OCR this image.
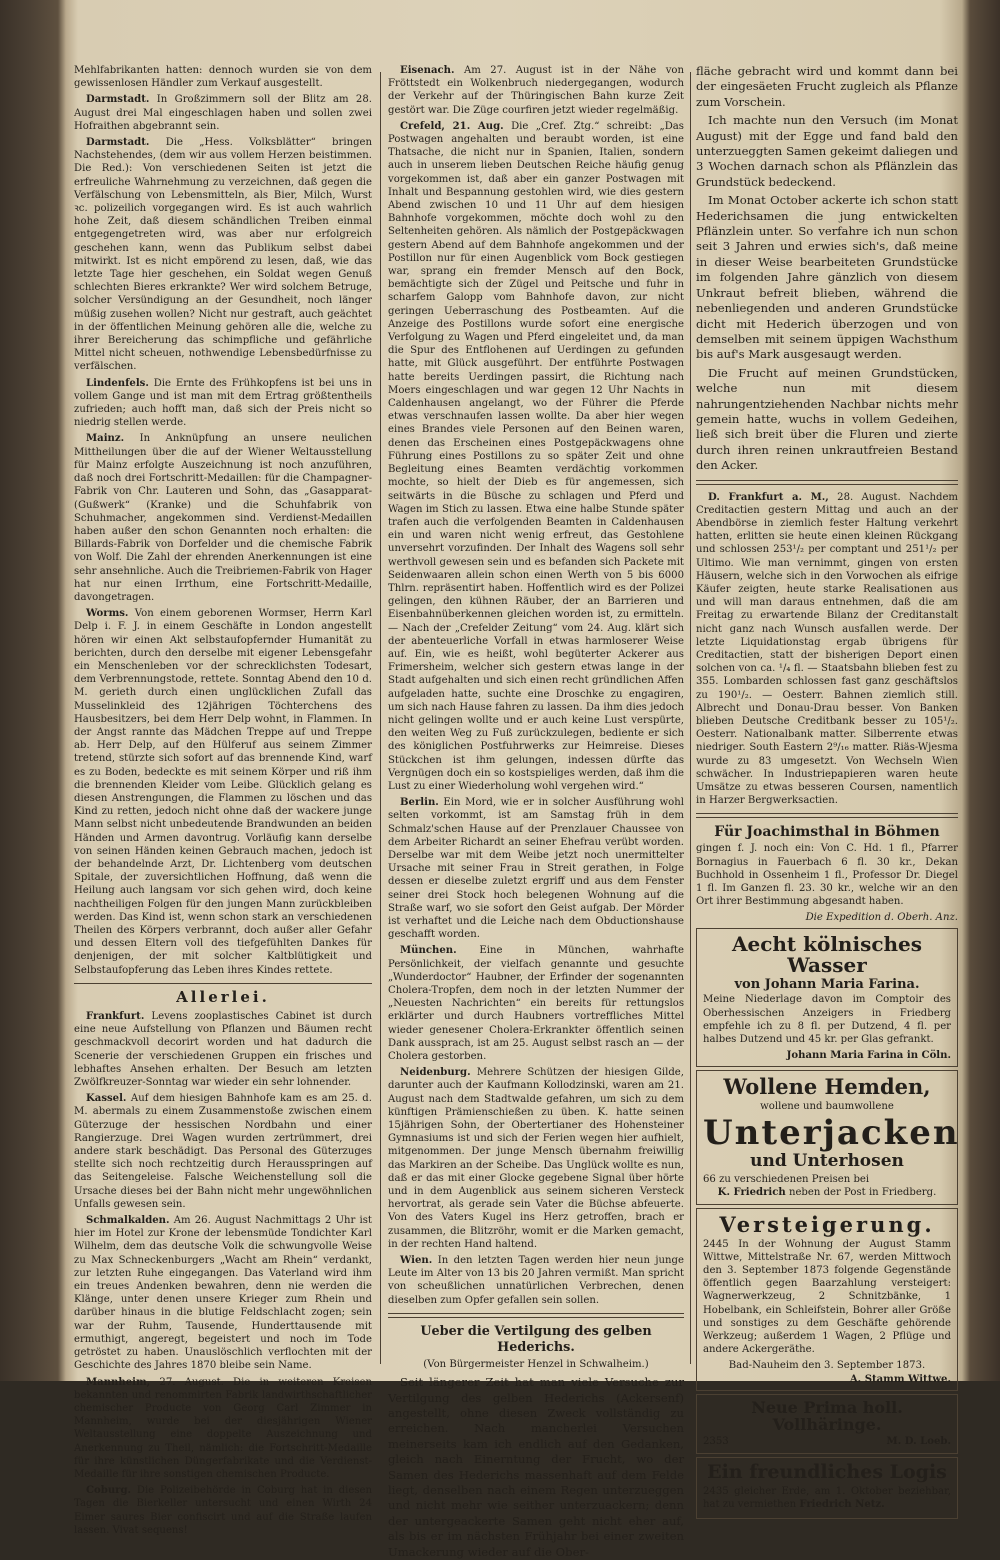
Mehlfabrikanten hatten: dennoch wurden sie von dem gewissenlosen Händler zum Verkauf ausgestellt.

Darmstadt. In Großzimmern soll der Blitz am 28. August drei Mal eingeschlagen haben und sollen zwei Hofraithen abgebrannt sein.

Darmstadt. Die „Hess. Volksblätter“ bringen Nachstehendes, (dem wir aus vollem Herzen beistimmen. Die Red.): Von verschiedenen Seiten ist jetzt die erfreuliche Wahrnehmung zu verzeichnen, daß gegen die Verfälschung von Lebensmitteln, als Bier, Milch, Wurst ꝛc. polizeilich vorgegangen wird. Es ist auch wahrlich hohe Zeit, daß diesem schändlichen Treiben einmal entgegengetreten wird, was aber nur erfolgreich geschehen kann, wenn das Publikum selbst dabei mitwirkt. Ist es nicht empörend zu lesen, daß, wie das letzte Tage hier geschehen, ein Soldat wegen Genuß schlechten Bieres erkrankte? Wer wird solchem Betruge, solcher Versündigung an der Gesundheit, noch länger müßig zusehen wollen? Nicht nur gestraft, auch geächtet in der öffentlichen Meinung gehören alle die, welche zu ihrer Bereicherung das schimpfliche und gefährliche Mittel nicht scheuen, nothwendige Lebensbedürfnisse zu verfälschen.

Lindenfels. Die Ernte des Frühkopfens ist bei uns in vollem Gange und ist man mit dem Ertrag größtentheils zufrieden; auch hofft man, daß sich der Preis nicht so niedrig stellen werde.

Mainz. In Anknüpfung an unsere neulichen Mittheilungen über die auf der Wiener Weltausstellung für Mainz erfolgte Auszeichnung ist noch anzuführen, daß noch drei Fortschritt-Medaillen: für die Champagner-Fabrik von Chr. Lauteren und Sohn, das „Gasapparat- (Gußwerk“ (Kranke) und die Schuhfabrik von Schuhmacher, angekommen sind. Verdienst-Medaillen haben außer den schon Genannten noch erhalten: die Billards-Fabrik von Dorfelder und die chemische Fabrik von Wolf. Die Zahl der ehrenden Anerkennungen ist eine sehr ansehnliche. Auch die Treibriemen-Fabrik von Hager hat nur einen Irrthum, eine Fortschritt-Medaille, davongetragen.

Worms. Von einem geborenen Wormser, Herrn Karl Delp i. F. J. in einem Geschäfte in London angestellt hören wir einen Akt selbstaufopfernder Humanität zu berichten, durch den derselbe mit eigener Lebensgefahr ein Menschenleben vor der schrecklichsten Todesart, dem Verbrennungstode, rettete. Sonntag Abend den 10 d. M. gerieth durch einen unglücklichen Zufall das Musselinkleid des 12jährigen Töchterchens des Hausbesitzers, bei dem Herr Delp wohnt, in Flammen. In der Angst rannte das Mädchen Treppe auf und Treppe ab. Herr Delp, auf den Hülferuf aus seinem Zimmer tretend, stürzte sich sofort auf das brennende Kind, warf es zu Boden, bedeckte es mit seinem Körper und riß ihm die brennenden Kleider vom Leibe. Glücklich gelang es diesen Anstrengungen, die Flammen zu löschen und das Kind zu retten, jedoch nicht ohne daß der wackere junge Mann selbst nicht unbedeutende Brandwunden an beiden Händen und Armen davontrug. Vorläufig kann derselbe von seinen Händen keinen Gebrauch machen, jedoch ist der behandelnde Arzt, Dr. Lichtenberg vom deutschen Spitale, der zuversichtlichen Hoffnung, daß wenn die Heilung auch langsam vor sich gehen wird, doch keine nachtheiligen Folgen für den jungen Mann zurückbleiben werden. Das Kind ist, wenn schon stark an verschiedenen Theilen des Körpers verbrannt, doch außer aller Gefahr und dessen Eltern voll des tiefgefühlten Dankes für denjenigen, der mit solcher Kaltblütigkeit und Selbstaufopferung das Leben ihres Kindes rettete.

Allerlei.

Frankfurt. Levens zooplastisches Cabinet ist durch eine neue Aufstellung von Pflanzen und Bäumen recht geschmackvoll decorirt worden und hat dadurch die Scenerie der verschiedenen Gruppen ein frisches und lebhaftes Ansehen erhalten. Der Besuch am letzten Zwölfkreuzer-Sonntag war wieder ein sehr lohnender.

Kassel. Auf dem hiesigen Bahnhofe kam es am 25. d. M. abermals zu einem Zusammenstoße zwischen einem Güterzuge der hessischen Nordbahn und einer Rangierzuge. Drei Wagen wurden zertrümmert, drei andere stark beschädigt. Das Personal des Güterzuges stellte sich noch rechtzeitig durch Herausspringen auf das Seitengeleise. Falsche Weichenstellung soll die Ursache dieses bei der Bahn nicht mehr ungewöhnlichen Unfalls gewesen sein.

Schmalkalden. Am 26. August Nachmittags 2 Uhr ist hier im Hotel zur Krone der lebensmüde Tondichter Karl Wilhelm, dem das deutsche Volk die schwungvolle Weise zu Max Schneckenburgers „Wacht am Rhein“ verdankt, zur letzten Ruhe eingegangen. Das Vaterland wird ihm ein treues Andenken bewahren, denn nie werden die Klänge, unter denen unsere Krieger zum Rhein und darüber hinaus in die blutige Feldschlacht zogen; sein war der Ruhm, Tausende, Hunderttausende mit ermuthigt, angeregt, begeistert und noch im Tode getröstet zu haben. Unauslöschlich verflochten mit der Geschichte des Jahres 1870 bleibe sein Name.

Mannheim, 27. August. Die in weiteren Kreisen bekannten und renommirten Fabrik landwirthschaftlicher chemischer Producte von Georg Carl Zimmer in Mannheim, wurde bei der diesjährigen Wiener Weltausstellung eine doppelte Auszeichnung und Anerkennung zu Theil, nämlich: die Fortschritt-Medaille für ihre künstlichen Düngerfabrikate und die Verdienst-Medaille für ihre sonstigen chemischen Producte.

Coburg. Die Polizeibehörde in Coburg hat in diesen Tagen die Bierkeller untersucht und einen Wirth 24 Eimer saures Bier confiscirt und auf die Straße laufen lassen. Vivat sequens!

Eisenach. Am 27. August ist in der Nähe von Fröttstedt ein Wolkenbruch niedergegangen, wodurch der Verkehr auf der Thüringischen Bahn kurze Zeit gestört war. Die Züge courfiren jetzt wieder regelmäßig.

Crefeld, 21. Aug. Die „Cref. Ztg.“ schreibt: „Das Postwagen angehalten und beraubt worden, ist eine Thatsache, die nicht nur in Spanien, Italien, sondern auch in unserem lieben Deutschen Reiche häufig genug vorgekommen ist, daß aber ein ganzer Postwagen mit Inhalt und Bespannung gestohlen wird, wie dies gestern Abend zwischen 10 und 11 Uhr auf dem hiesigen Bahnhofe vorgekommen, möchte doch wohl zu den Seltenheiten gehören. Als nämlich der Postgepäckwagen gestern Abend auf dem Bahnhofe angekommen und der Postillon nur für einen Augenblick vom Bock gestiegen war, sprang ein fremder Mensch auf den Bock, bemächtigte sich der Zügel und Peitsche und fuhr in scharfem Galopp vom Bahnhofe davon, zur nicht geringen Ueberraschung des Postbeamten. Auf die Anzeige des Postillons wurde sofort eine energische Verfolgung zu Wagen und Pferd eingeleitet und, da man die Spur des Entflohenen auf Uerdingen zu gefunden hatte, mit Glück ausgeführt. Der entführte Postwagen hatte bereits Uerdingen passirt, die Richtung nach Moers eingeschlagen und war gegen 12 Uhr Nachts in Caldenhausen angelangt, wo der Führer die Pferde etwas verschnaufen lassen wollte. Da aber hier wegen eines Brandes viele Personen auf den Beinen waren, denen das Erscheinen eines Postgepäckwagens ohne Führung eines Postillons zu so später Zeit und ohne Begleitung eines Beamten verdächtig vorkommen mochte, so hielt der Dieb es für angemessen, sich seitwärts in die Büsche zu schlagen und Pferd und Wagen im Stich zu lassen. Etwa eine halbe Stunde später trafen auch die verfolgenden Beamten in Caldenhausen ein und waren nicht wenig erfreut, das Gestohlene unversehrt vorzufinden. Der Inhalt des Wagens soll sehr werthvoll gewesen sein und es befanden sich Packete mit Seidenwaaren allein schon einen Werth von 5 bis 6000 Thlrn. repräsentirt haben. Hoffentlich wird es der Polizei gelingen, den kühnen Räuber, der an Barrieren und Eisenbahnüberkennen gleichen worden ist, zu ermitteln. — Nach der „Crefelder Zeitung“ vom 24. Aug. klärt sich der abenteuerliche Vorfall in etwas harmloserer Weise auf. Ein, wie es heißt, wohl begüterter Ackerer aus Frimersheim, welcher sich gestern etwas lange in der Stadt aufgehalten und sich einen recht gründlichen Affen aufgeladen hatte, suchte eine Droschke zu engagiren, um sich nach Hause fahren zu lassen. Da ihm dies jedoch nicht gelingen wollte und er auch keine Lust verspürte, den weiten Weg zu Fuß zurückzulegen, bediente er sich des königlichen Postfuhrwerks zur Heimreise. Dieses Stückchen ist ihm gelungen, indessen dürfte das Vergnügen doch ein so kostspieliges werden, daß ihm die Lust zu einer Wiederholung wohl vergehen wird.“

Berlin. Ein Mord, wie er in solcher Ausführung wohl selten vorkommt, ist am Samstag früh in dem Schmalz'schen Hause auf der Prenzlauer Chaussee von dem Arbeiter Richardt an seiner Ehefrau verübt worden. Derselbe war mit dem Weibe jetzt noch unermittelter Ursache mit seiner Frau in Streit gerathen, in Folge dessen er dieselbe zuletzt ergriff und aus dem Fenster seiner drei Stock hoch belegenen Wohnung auf die Straße warf, wo sie sofort den Geist aufgab. Der Mörder ist verhaftet und die Leiche nach dem Obductionshause geschafft worden.

München. Eine in München, wahrhafte Persönlichkeit, der vielfach genannte und gesuchte „Wunderdoctor“ Haubner, der Erfinder der sogenannten Cholera-Tropfen, dem noch in der letzten Nummer der „Neuesten Nachrichten“ ein bereits für rettungslos erklärter und durch Haubners vortreffliches Mittel wieder genesener Cholera-Erkrankter öffentlich seinen Dank aussprach, ist am 25. August selbst rasch an — der Cholera gestorben.

Neidenburg. Mehrere Schützen der hiesigen Gilde, darunter auch der Kaufmann Kollodzinski, waren am 21. August nach dem Stadtwalde gefahren, um sich zu dem künftigen Prämienschießen zu üben. K. hatte seinen 15jährigen Sohn, der Obertertianer des Hohensteiner Gymnasiums ist und sich der Ferien wegen hier aufhielt, mitgenommen. Der junge Mensch übernahm freiwillig das Markiren an der Scheibe. Das Unglück wollte es nun, daß er das mit einer Glocke gegebene Signal über hörte und in dem Augenblick aus seinem sicheren Versteck hervortrat, als gerade sein Vater die Büchse abfeuerte. Von des Vaters Kugel ins Herz getroffen, brach er zusammen, die Blitzröhr, womit er die Marken gemacht, in der rechten Hand haltend.

Wien. In den letzten Tagen werden hier neun junge Leute im Alter von 13 bis 20 Jahren vermißt. Man spricht von scheußlichen unnatürlichen Verbrechen, denen dieselben zum Opfer gefallen sein sollen.

Ueber die Vertilgung des gelben Hederichs.
(Von Bürgermeister Henzel in Schwalheim.)

Seit längerer Zeit hat man viele Versuche zur Vertilgung des gelben Hederichs (Ackersenf) angestellt, ohne diesen Zweck vollständig zu erreichen. Nach mancherlei Versuchen meinerseits kam ich endlich auf den Gedanken, gleich nach Einerntung der Frucht, wo der Samen des Hederichs massenhaft auf dem Felde liegt, denselben nach einem Regen unterzueggen und nicht mehr wie seither unterzuackern; denn der untergeackerte Samen geht nicht eher auf, als bis er im nächsten Frühjahr bei einer zweiten Umackerung wieder auf die Ober-

fläche gebracht wird und kommt dann bei der eingesäeten Frucht zugleich als Pflanze zum Vorschein.

Ich machte nun den Versuch (im Monat August) mit der Egge und fand bald den unterzueggten Samen gekeimt daliegen und 3 Wochen darnach schon als Pflänzlein das Grundstück bedeckend.

Im Monat October ackerte ich schon statt Hederichsamen die jung entwickelten Pflänzlein unter. So verfahre ich nun schon seit 3 Jahren und erwies sich's, daß meine in dieser Weise bearbeiteten Grundstücke im folgenden Jahre gänzlich von diesem Unkraut befreit blieben, während die nebenliegenden und anderen Grundstücke dicht mit Hederich überzogen und von demselben mit seinem üppigen Wachsthum bis auf's Mark ausgesaugt werden.

Die Frucht auf meinen Grundstücken, welche nun mit diesem nahrungentziehenden Nachbar nichts mehr gemein hatte, wuchs in vollem Gedeihen, ließ sich breit über die Fluren und zierte durch ihren reinen unkrautfreien Bestand den Acker.

D. Frankfurt a. M., 28. August. Nachdem Creditactien gestern Mittag und auch an der Abendbörse in ziemlich fester Haltung verkehrt hatten, erlitten sie heute einen kleinen Rückgang und schlossen 253¹/₂ per comptant und 251¹/₂ per Ultimo. Wie man vernimmt, gingen von ersten Häusern, welche sich in den Vorwochen als eifrige Käufer zeigten, heute starke Realisationen aus und will man daraus entnehmen, daß die am Freitag zu erwartende Bilanz der Creditanstalt nicht ganz nach Wunsch ausfallen werde. Der letzte Liquidationstag ergab übrigens für Creditactien, statt der bisherigen Deport einen solchen von ca. ¹/₄ fl. — Staatsbahn blieben fest zu 355. Lombarden schlossen fast ganz geschäftslos zu 190¹/₂. — Oesterr. Bahnen ziemlich still. Albrecht und Donau-Drau besser. Von Banken blieben Deutsche Creditbank besser zu 105¹/₂. Oesterr. Nationalbank matter. Silberrente etwas niedriger. South Eastern 2⁹/₁₆ matter. Riäs-Wjesma wurde zu 83 umgesetzt. Von Wechseln Wien schwächer. In Industriepapieren waren heute Umsätze zu etwas besseren Coursen, namentlich in Harzer Bergwerksactien.

Für Joachimsthal in Böhmen

gingen f. J. noch ein: Von C. Hd. 1 fl., Pfarrer Bornagius in Fauerbach 6 fl. 30 kr., Dekan Buchhold in Ossenheim 1 fl., Professor Dr. Diegel 1 fl. Im Ganzen fl. 23. 30 kr., welche wir an den Ort ihrer Bestimmung abgesandt haben.

Die Expedition d. Oberh. Anz.
Aecht kölnisches Wasser
von Johann Maria Farina.

Meine Niederlage davon im Comptoir des Oberhessischen Anzeigers in Friedberg empfehle ich zu 8 fl. per Dutzend, 4 fl. per halbes Dutzend und 45 kr. per Glas gefrankt.

Johann Maria Farina in Cöln.
Wollene Hemden,
wollene und baumwollene
Unterjacken
und Unterhosen
66 zu verschiedenen Preisen bei
K. Friedrich neben der Post in Friedberg.
Versteigerung.

2445 In der Wohnung der August Stamm Wittwe, Mittelstraße Nr. 67, werden Mittwoch den 3. September 1873 folgende Gegenstände öffentlich gegen Baarzahlung versteigert: Wagnerwerkzeug, 2 Schnitzbänke, 1 Hobelbank, ein Schleifstein, Bohrer aller Größe und sonstiges zu dem Geschäfte gehörende Werkzeug; außerdem 1 Wagen, 2 Pflüge und andere Ackergeräthe.

Bad-Nauheim den 3. September 1873.
A. Stamm Wittwe.
Neue Prima holl. Vollhäringe.
2353	M. D. Loeb.
Ein freundliches Logis

2435 gleicher Erde, am 1. Oktober beziehbar, hat zu vermiethen Friedrich Netz.
